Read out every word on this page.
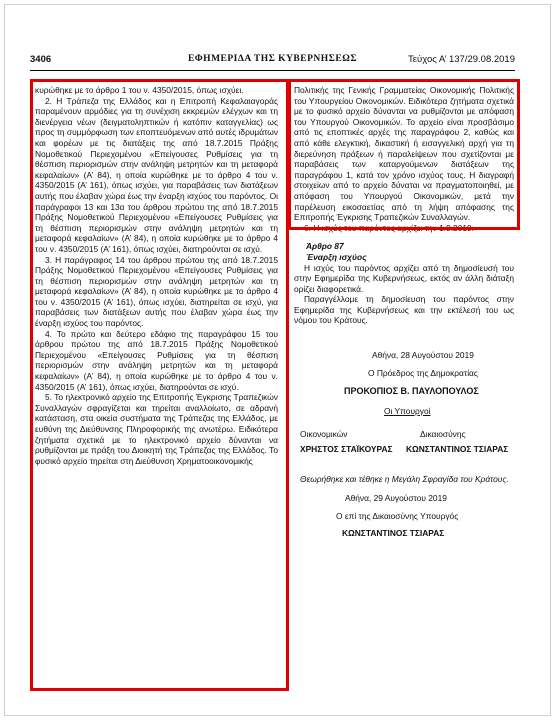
3406	ΕΦΗΜΕΡΙΔΑ ΤΗΣ ΚΥΒΕΡΝΗΣΕΩΣ	Τεύχος Α’ 137/29.08.2019

κυρώθηκε με το άρθρο 1 του ν. 4350/2015, όπως ισχύει.

2. Η Τράπεζα της Ελλάδος και η Επιτροπή Κεφαλαιαγοράς παραμένουν αρμόδιες για τη συνέχιση εκκρεμών ελέγχων και τη διενέργεια νέων (δειγματοληπτικών ή κατόπιν καταγγελίας) ως προς τη συμμόρφωση των εποπτευόμενων από αυτές ιδρυμάτων και φορέων με τις διατάξεις της από 18.7.2015 Πράξης Νομοθετικού Περιεχομένου «Επείγουσες Ρυθμίσεις για τη θέσπιση περιορισμών στην ανάληψη μετρητών και τη μεταφορά κεφαλαίων» (Α’ 84), η οποία κυρώθηκε με το άρθρο 4 του ν. 4350/2015 (Α’ 161), όπως ισχύει, για παραβάσεις των διατάξεων αυτής που έλαβαν χώρα έως την έναρξη ισχύος του παρόντος. Οι παράγραφοι 13 και 13α του άρθρου πρώτου της από 18.7.2015 Πράξης Νομοθετικού Περιεχομένου «Επείγουσες Ρυθμίσεις για τη θέσπιση περιορισμών στην ανάληψη μετρητών και τη μεταφορά κεφαλαίων» (Α’ 84), η οποία κυρώθηκε με το άρθρο 4 του ν. 4350/2015 (Α’ 161), όπως ισχύει, διατηρούνται σε ισχύ.

3. Η παράγραφος 14 του άρθρου πρώτου της από 18.7.2015 Πράξης Νομοθετικού Περιεχομένου «Επείγουσες Ρυθμίσεις για τη θέσπιση περιορισμών στην ανάληψη μετρητών και τη μεταφορά κεφαλαίων» (Α’ 84), η οποία κυρώθηκε με το άρθρο 4 του ν. 4350/2015 (Α’ 161), όπως ισχύει, διατηρείται σε ισχύ, για παραβάσεις των διατάξεων αυτής που έλαβαν χώρα έως την έναρξη ισχύος του παρόντος.

4. Το πρώτο και δεύτερο εδάφιο της παραγράφου 15 του άρθρου πρώτου της από 18.7.2015 Πράξης Νομοθετικού Περιεχομένου «Επείγουσες Ρυθμίσεις για τη θέσπιση περιορισμών στην ανάληψη μετρητών και τη μεταφορά κεφαλαίων» (Α’ 84), η οποία κυρώθηκε με το άρθρο 4 του ν. 4350/2015 (Α’ 161), όπως ισχύει, διατηρούνται σε ισχύ.

5. Το ηλεκτρονικό αρχείο της Επιτροπής Έγκρισης Τραπεζικών Συναλλαγών σφραγίζεται και τηρείται αναλλοίωτο, σε αδρανή κατάσταση, στα οικεία συστήματα της Τράπεζας της Ελλάδος, με ευθύνη της Διεύθυνσης Πληροφορικής της ανωτέρω. Ειδικότερα ζητήματα σχετικά με το ηλεκτρονικό αρχείο δύνανται να ρυθμίζονται με πράξη του Διοικητή της Τράπεζας της Ελλάδος. Το φυσικό αρχείο τηρείται στη Διεύθυνση Χρηματοοικονομικής

Πολιτικής της Γενικής Γραμματείας Οικονομικής Πολιτικής του Υπουργείου Οικονομικών. Ειδικότερα ζητήματα σχετικά με το φυσικό αρχείο δύνανται να ρυθμίζονται με απόφαση του Υπουργού Οικονομικών. Το αρχείο είναι προσβάσιμο από τις εποπτικές αρχές της παραγράφου 2, καθώς και από κάθε ελεγκτική, δικαστική ή εισαγγελική αρχή για τη διερεύνηση πράξεων ή παραλείψεων που σχετίζονται με παραβάσεις των καταργούμενων διατάξεων της παραγράφου 1, κατά τον χρόνο ισχύος τους. Η διαγραφή στοιχείων από το αρχείο δύναται να πραγματοποιηθεί, με απόφαση του Υπουργού Οικονομικών, μετά την παρέλευση εικοσαετίας από τη λήψη απόφασης της Επιτροπής Έγκρισης Τραπεζικών Συναλλαγών.

6. Η ισχύς του παρόντος αρχίζει την 1.9.2019.

Άρθρο 87
Έναρξη ισχύος

Η ισχύς του παρόντος αρχίζει από τη δημοσίευσή του στην Εφημερίδα της Κυβερνήσεως, εκτός αν άλλη διάταξη ορίζει διαφορετικά.

Παραγγέλλομε τη δημοσίευση του παρόντος στην Εφημερίδα της Κυβερνήσεως και την εκτέλεσή του ως νόμου του Κράτους.

Αθήνα, 28 Αυγούστου 2019
Ο Πρόεδρος της Δημοκρατίας
ΠΡΟΚΟΠΙΟΣ Β. ΠΑΥΛΟΠΟΥΛΟΣ
Οι Υπουργοί
Οικονομικών	Δικαιοσύνης
ΧΡΗΣΤΟΣ ΣΤΑΪΚΟΥΡΑΣ ΚΩΝΣΤΑΝΤΙΝΟΣ ΤΣΙΑΡΑΣ
Θεωρήθηκε και τέθηκε η Μεγάλη Σφραγίδα του Κράτους.
Αθήνα, 29 Αυγούστου 2019
Ο επί της Δικαιοσύνης Υπουργός
ΚΩΝΣΤΑΝΤΙΝΟΣ ΤΣΙΑΡΑΣ
